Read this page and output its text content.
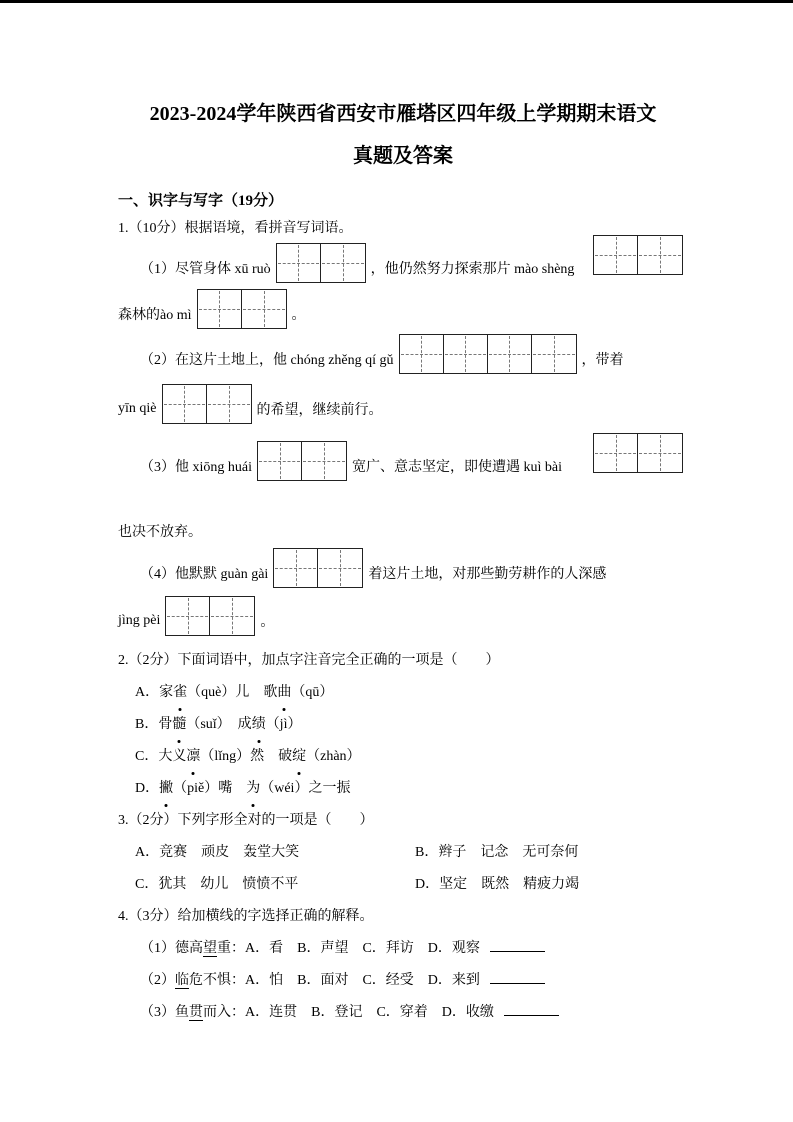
2023-2024学年陕西省西安市雁塔区四年级上学期期末语文
真题及答案
一、识字与写字（19分）
1.（10分）根据语境，看拼音写词语。
（1）尽管身体 xū ruò	，他仍然努力探索那片 mào shèng
森林的ào mì	。
（2）在这片土地上，他 chóng zhěng qí gǔ	，带着
yīn qiè	的希望，继续前行。
（3）他 xiōng huái	宽广、意志坚定，即使遭遇 kuì bài
也决不放弃。
（4）他默默 guàn gài	着这片土地，对那些勤劳耕作的人深感
jìng pèi	。
2.（2分）下面词语中，加点字注音完全正确的一项是（　　）
A．家雀（què）儿　歌曲（qū）
B．骨髓（suǐ）　成绩（jì）
C．大义凛（lǐng）然　破绽（zhàn）
D．撇（piě）嘴　为（wéi）之一振
3.（2分）下列字形全对的一项是（　　）
A．竞赛　顽皮　轰堂大笑	B．辫子　记念　无可奈何
C．犹其　幼儿　愤愤不平	D．坚定　既然　精疲力竭
4.（3分）给加横线的字选择正确的解释。
（1）德高望重：A．看　B．声望　C．拜访　D．观察
（2）临危不惧：A．怕　B．面对　C．经受　D．来到
（3）鱼贯而入：A．连贯　B．登记　C．穿着　D．收缴
